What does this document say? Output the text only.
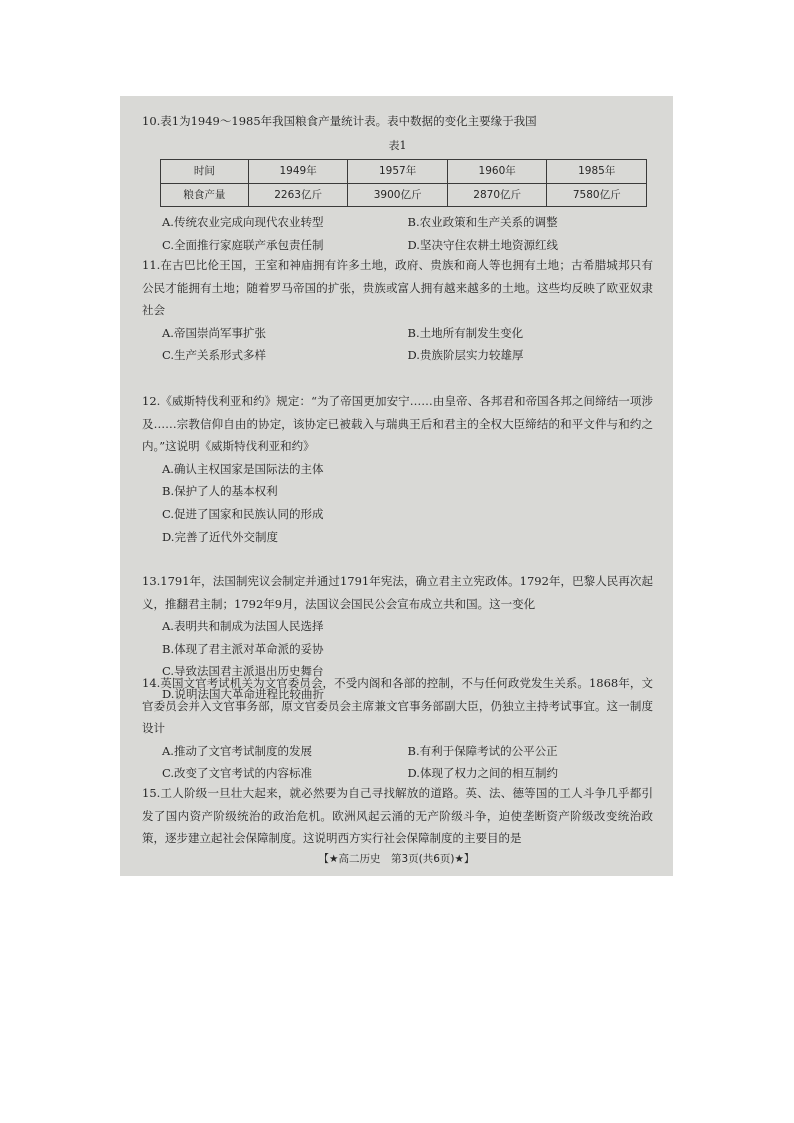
10.表1为1949～1985年我国粮食产量统计表。表中数据的变化主要缘于我国

表1
时间	1949年	1957年	1960年	1985年
粮食产量	2263亿斤	3900亿斤	2870亿斤	7580亿斤
A.传统农业完成向现代农业转型	B.农业政策和生产关系的调整
C.全面推行家庭联产承包责任制	D.坚决守住农耕土地资源红线

11.在古巴比伦王国，王室和神庙拥有许多土地，政府、贵族和商人等也拥有土地；古希腊城邦只有公民才能拥有土地；随着罗马帝国的扩张，贵族或富人拥有越来越多的土地。这些均反映了欧亚奴隶社会

A.帝国崇尚军事扩张	B.土地所有制发生变化
C.生产关系形式多样	D.贵族阶层实力较雄厚

12.《威斯特伐利亚和约》规定：“为了帝国更加安宁……由皇帝、各邦君和帝国各邦之间缔结一项涉及……宗教信仰自由的协定，该协定已被载入与瑞典王后和君主的全权大臣缔结的和平文件与和约之内。”这说明《威斯特伐利亚和约》

A.确认主权国家是国际法的主体
B.保护了人的基本权利
C.促进了国家和民族认同的形成
D.完善了近代外交制度

13.1791年，法国制宪议会制定并通过1791年宪法，确立君主立宪政体。1792年，巴黎人民再次起义，推翻君主制；1792年9月，法国议会国民公会宣布成立共和国。这一变化

A.表明共和制成为法国人民选择
B.体现了君主派对革命派的妥协
C.导致法国君主派退出历史舞台
D.说明法国大革命进程比较曲折

14.英国文官考试机关为文官委员会，不受内阁和各部的控制，不与任何政党发生关系。1868年，文官委员会并入文官事务部，原文官委员会主席兼文官事务部副大臣，仍独立主持考试事宜。这一制度设计

A.推动了文官考试制度的发展	B.有利于保障考试的公平公正
C.改变了文官考试的内容标准	D.体现了权力之间的相互制约

15.工人阶级一旦壮大起来，就必然要为自己寻找解放的道路。英、法、德等国的工人斗争几乎都引发了国内资产阶级统治的政治危机。欧洲风起云涌的无产阶级斗争，迫使垄断资产阶级改变统治政策，逐步建立起社会保障制度。这说明西方实行社会保障制度的主要目的是

【★高二历史　第3页(共6页)★】
